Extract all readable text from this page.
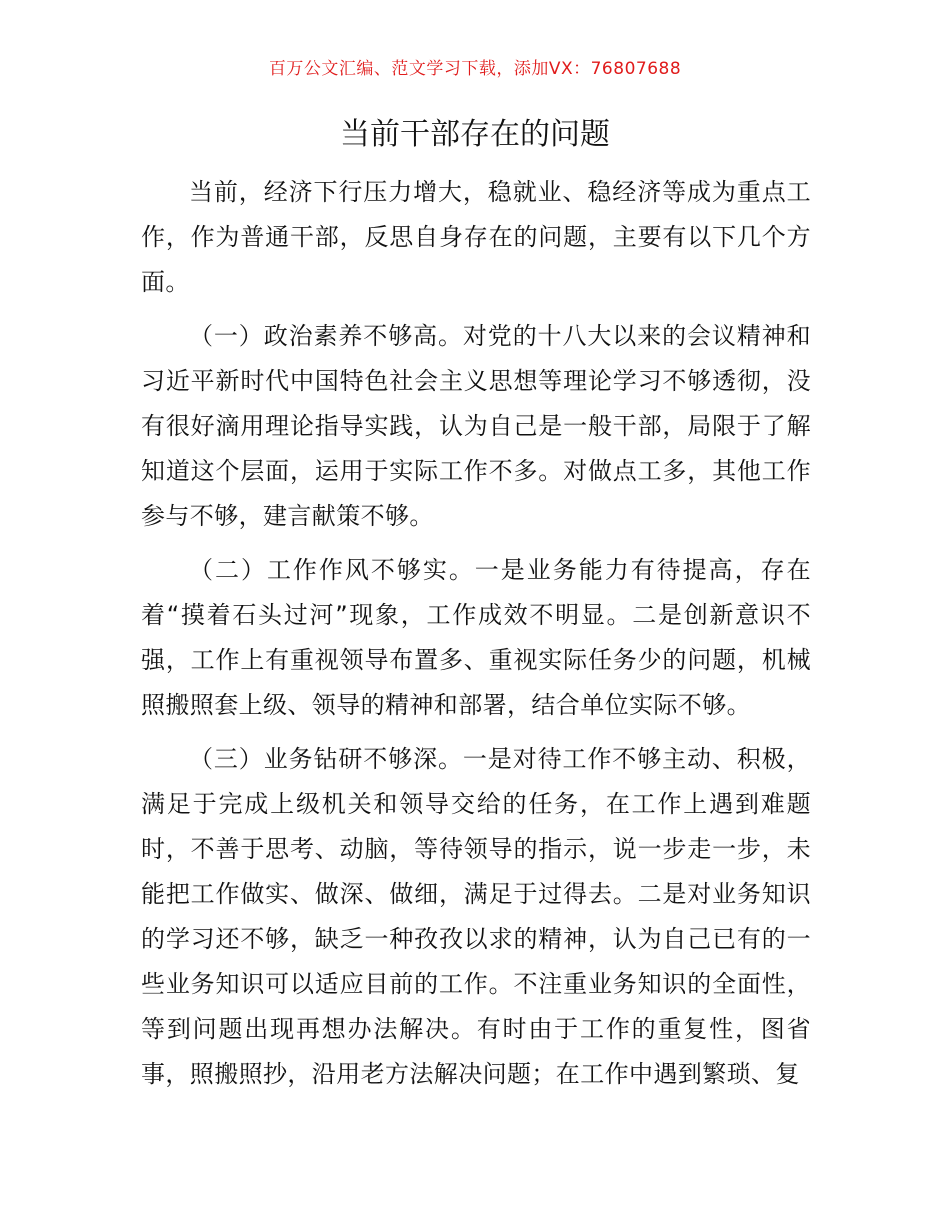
百万公文汇编、范文学习下载，添加VX：76807688
当前干部存在的问题

当前，经济下行压力增大，稳就业、稳经济等成为重点工作，作为普通干部，反思自身存在的问题，主要有以下几个方面。

（一）政治素养不够高。对党的十八大以来的会议精神和习近平新时代中国特色社会主义思想等理论学习不够透彻，没有很好滴用理论指导实践，认为自己是一般干部，局限于了解知道这个层面，运用于实际工作不多。对做点工多，其他工作参与不够，建言献策不够。

（二）工作作风不够实。一是业务能力有待提高，存在着“摸着石头过河”现象，工作成效不明显。二是创新意识不强，工作上有重视领导布置多、重视实际任务少的问题，机械照搬照套上级、领导的精神和部署，结合单位实际不够。

（三）业务钻研不够深。一是对待工作不够主动、积极，满足于完成上级机关和领导交给的任务，在工作上遇到难题时，不善于思考、动脑，等待领导的指示，说一步走一步，未能把工作做实、做深、做细，满足于过得去。二是对业务知识的学习还不够，缺乏一种孜孜以求的精神，认为自己已有的一些业务知识可以适应目前的工作。不注重业务知识的全面性，等到问题出现再想办法解决。有时由于工作的重复性，图省事，照搬照抄，沿用老方法解决问题；在工作中遇到繁琐、复
